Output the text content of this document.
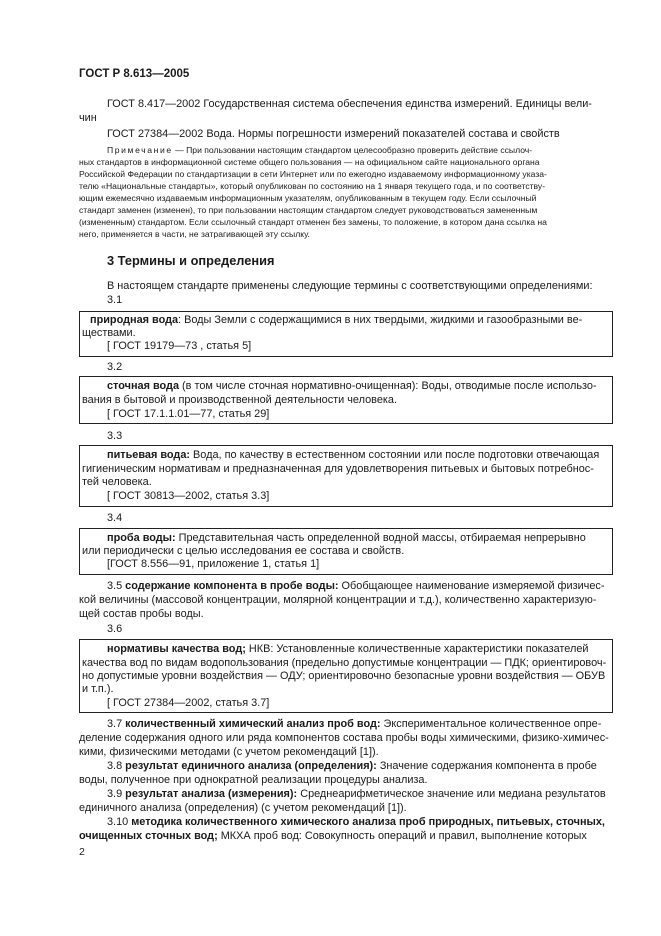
ГОСТ Р 8.613—2005
ГОСТ 8.417—2002 Государственная система обеспечения единства измерений. Единицы вели-
чин
ГОСТ 27384—2002 Вода. Нормы погрешности измерений показателей состава и свойств
Примечание — При пользовании настоящим стандартом целесообразно проверить действие ссылоч-
ных стандартов в информационной системе общего пользования — на официальном сайте национального органа
Российской Федерации по стандартизации в сети Интернет или по ежегодно издаваемому информационному указа-
телю «Национальные стандарты», который опубликован по состоянию на 1 января текущего года, и по соответству-
ющим ежемесячно издаваемым информационным указателям, опубликованным в текущем году. Если ссылочный
стандарт заменен (изменен), то при пользовании настоящим стандартом следует руководствоваться замененным
(измененным) стандартом. Если ссылочный стандарт отменен без замены, то положение, в котором дана ссылка на
него, применяется в части, не затрагивающей эту ссылку.
3 Термины и определения
В настоящем стандарте применены следующие термины с соответствующими определениями:
3.1
природная вода: Воды Земли с содержащимися в них твердыми, жидкими и газообразными ве-
ществами.
[ ГОСТ 19179—73 , статья 5]
3.2
сточная вода (в том числе сточная нормативно-очищенная): Воды, отводимые после использо-
вания в бытовой и производственной деятельности человека.
[ ГОСТ 17.1.1.01—77, статья 29]
3.3
питьевая вода: Вода, по качеству в естественном состоянии или после подготовки отвечающая
гигиеническим нормативам и предназначенная для удовлетворения питьевых и бытовых потребнос-
тей человека.
[ ГОСТ 30813—2002, статья 3.3]
3.4
проба воды: Представительная часть определенной водной массы, отбираемая непрерывно
или периодически с целью исследования ее состава и свойств.
[ГОСТ 8.556—91, приложение 1, статья 1]
3.5 содержание компонента в пробе воды: Обобщающее наименование измеряемой физичес-
кой величины (массовой концентрации, молярной концентрации и т.д.), количественно характеризую-
щей состав пробы воды.
3.6
нормативы качества вод; НКВ: Установленные количественные характеристики показателей
качества вод по видам водопользования (предельно допустимые концентрации — ПДК; ориентировоч-
но допустимые уровни воздействия — ОДУ; ориентировочно безопасные уровни воздействия — ОБУВ
и т.п.).
[ ГОСТ 27384—2002, статья 3.7]
3.7 количественный химический анализ проб вод: Экспериментальное количественное опре-
деление содержания одного или ряда компонентов состава пробы воды химическими, физико-химичес-
кими, физическими методами (с учетом рекомендаций [1]).
3.8 результат единичного анализа (определения): Значение содержания компонента в пробе
воды, полученное при однократной реализации процедуры анализа.
3.9 результат анализа (измерения): Среднеарифметическое значение или медиана результатов
единичного анализа (определения) (с учетом рекомендаций [1]).
3.10 методика количественного химического анализа проб природных, питьевых, сточных,
очищенных сточных вод; МКХА проб вод: Совокупность операций и правил, выполнение которых
2
